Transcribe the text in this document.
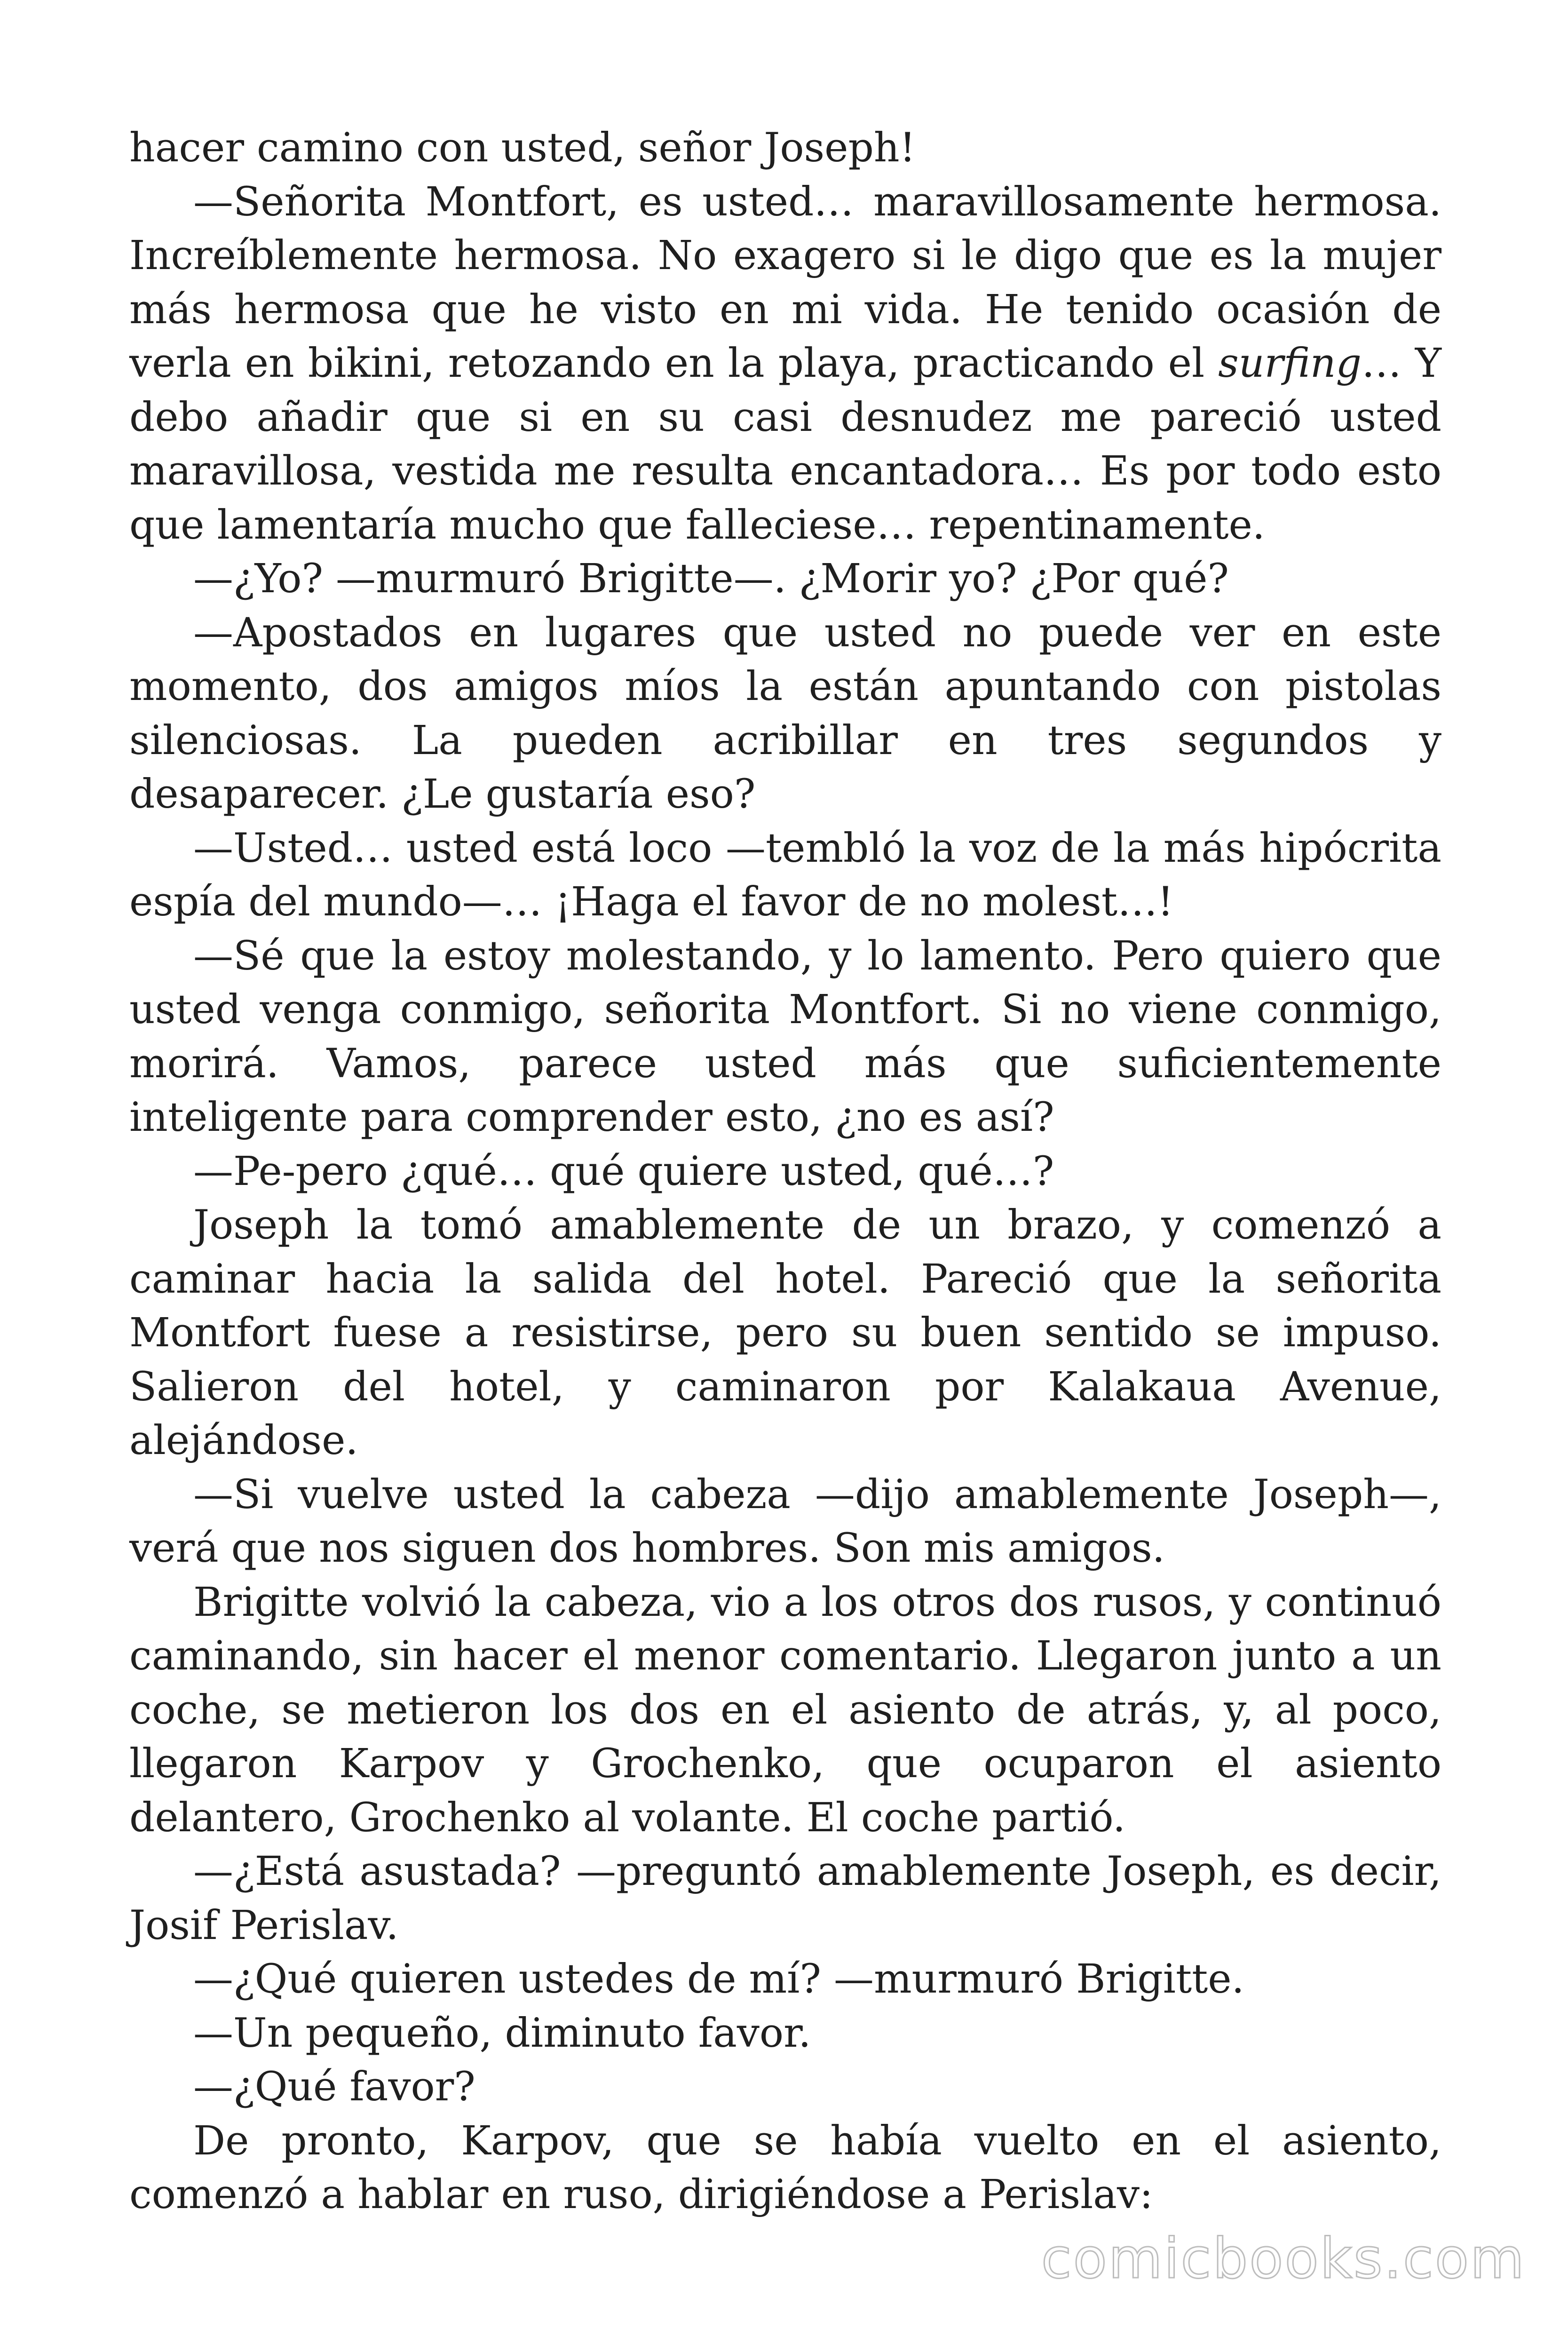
hacer camino con usted, señor Joseph!

—Señorita Montfort, es usted… maravillosamente hermosa. Increíblemente hermosa. No exagero si le digo que es la mujer más hermosa que he visto en mi vida. He tenido ocasión de verla en bikini, retozando en la playa, practicando el surfing… Y debo añadir que si en su casi desnudez me pareció usted maravillosa, vestida me resulta encantadora… Es por todo esto que lamentaría mucho que falleciese… repentinamente.

—¿Yo? —murmuró Brigitte—. ¿Morir yo? ¿Por qué?

—Apostados en lugares que usted no puede ver en este momento, dos amigos míos la están apuntando con pistolas silenciosas. La pueden acribillar en tres segundos y desaparecer. ¿Le gustaría eso?

—Usted… usted está loco —tembló la voz de la más hipócrita espía del mundo—… ¡Haga el favor de no molest…!

—Sé que la estoy molestando, y lo lamento. Pero quiero que usted venga conmigo, señorita Montfort. Si no viene conmigo, morirá. Vamos, parece usted más que suficientemente inteligente para comprender esto, ¿no es así?

—Pe-pero ¿qué… qué quiere usted, qué…?

Joseph la tomó amablemente de un brazo, y comenzó a caminar hacia la salida del hotel. Pareció que la señorita Montfort fuese a resistirse, pero su buen sentido se impuso. Salieron del hotel, y caminaron por Kalakaua Avenue, alejándose.

—Si vuelve usted la cabeza —dijo amablemente Joseph—, verá que nos siguen dos hombres. Son mis amigos.

Brigitte volvió la cabeza, vio a los otros dos rusos, y continuó caminando, sin hacer el menor comentario. Llegaron junto a un coche, se metieron los dos en el asiento de atrás, y, al poco, llegaron Karpov y Grochenko, que ocuparon el asiento delantero, Grochenko al volante. El coche partió.

—¿Está asustada? —preguntó amablemente Joseph, es decir, Josif Perislav.

—¿Qué quieren ustedes de mí? —murmuró Brigitte.

—Un pequeño, diminuto favor.

—¿Qué favor?

De pronto, Karpov, que se había vuelto en el asiento, comenzó a hablar en ruso, dirigiéndose a Perislav:

comicbooks.com
